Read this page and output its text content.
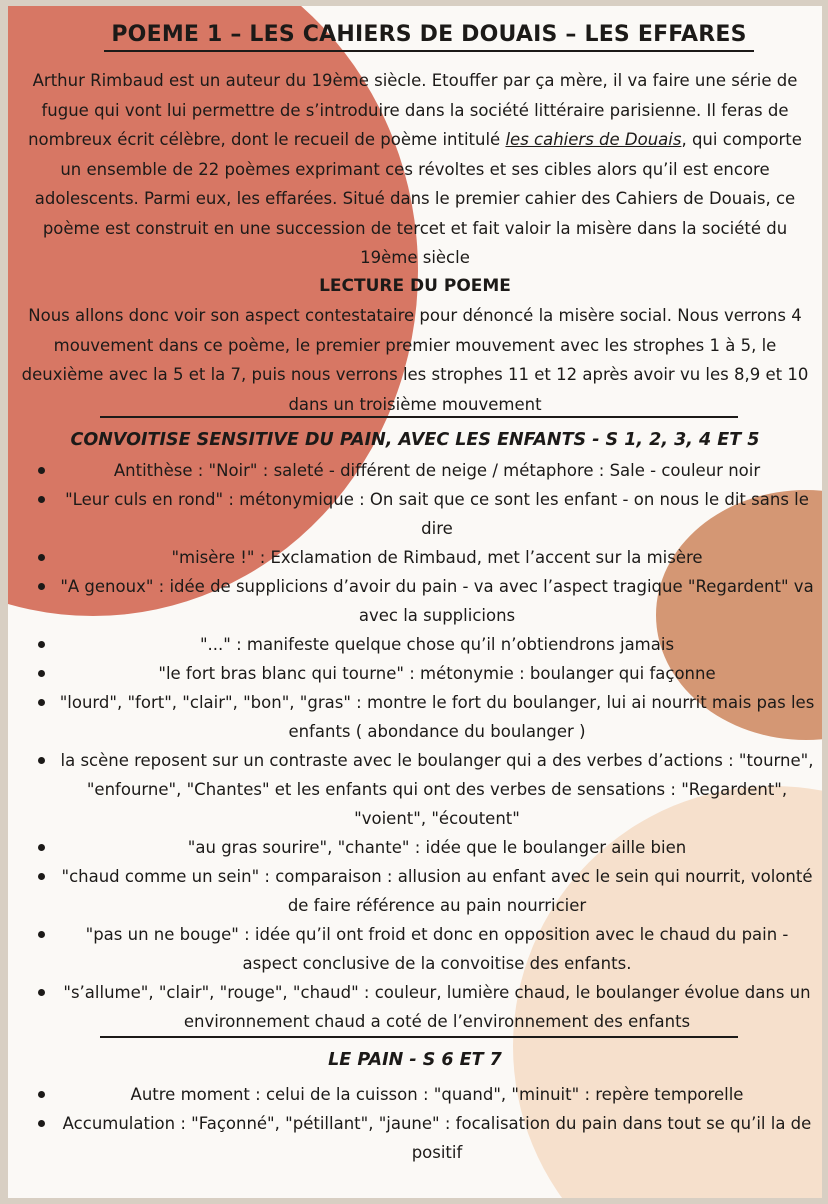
POEME 1 – LES CAHIERS DE DOUAIS – LES EFFARES
Arthur Rimbaud est un auteur du 19ème siècle. Etouffer par ça mère, il va faire une série de fugue qui vont lui permettre de s’introduire dans la société littéraire parisienne. Il feras de nombreux écrit célèbre, dont le recueil de poème intitulé les cahiers de Douais, qui comporte un ensemble de 22 poèmes exprimant ces révoltes et ses cibles alors qu’il est encore adolescents. Parmi eux, les effarées. Situé dans le premier cahier des Cahiers de Douais, ce poème est construit en une succession de tercet et fait valoir la misère dans la société du 19ème siècle
LECTURE DU POEME
Nous allons donc voir son aspect contestataire pour dénoncé la misère social. Nous verrons 4 mouvement dans ce poème, le premier premier mouvement avec les strophes 1 à 5, le deuxième avec la 5 et la 7, puis nous verrons les strophes 11 et 12 après avoir vu les 8,9 et 10 dans un troisième mouvement
CONVOITISE SENSITIVE DU PAIN, AVEC LES ENFANTS - S 1, 2, 3, 4 ET 5
Antithèse : "Noir" : saleté - différent de neige / métaphore : Sale - couleur noir
"Leur culs en rond" : métonymique : On sait que ce sont les enfant - on nous le dit sans le dire
"misère !" : Exclamation de Rimbaud, met l’accent sur la misère
"A genoux" : idée de supplicions d’avoir du pain - va avec l’aspect tragique "Regardent" va avec la supplicions
"..." : manifeste quelque chose qu’il n’obtiendrons jamais
"le fort bras blanc qui tourne" : métonymie : boulanger qui façonne
"lourd", "fort", "clair", "bon", "gras" : montre le fort du boulanger, lui ai nourrit mais pas les enfants ( abondance du boulanger )
la scène reposent sur un contraste avec le boulanger qui a des verbes d’actions : "tourne", "enfourne", "Chantes" et les enfants qui ont des verbes de sensations : "Regardent", "voient", "écoutent"
"au gras sourire", "chante" : idée que le boulanger aille bien
"chaud comme un sein" : comparaison : allusion au enfant avec le sein qui nourrit, volonté de faire référence au pain nourricier
"pas un ne bouge" : idée qu’il ont froid et donc en opposition avec le chaud du pain - aspect conclusive de la convoitise des enfants.
"s’allume", "clair", "rouge", "chaud" : couleur, lumière chaud, le boulanger évolue dans un environnement chaud a coté de l’environnement des enfants
LE PAIN - S 6 ET 7
Autre moment : celui de la cuisson : "quand", "minuit" : repère temporelle
Accumulation : "Façonné", "pétillant", "jaune" : focalisation du pain dans tout se qu’il la de positif
